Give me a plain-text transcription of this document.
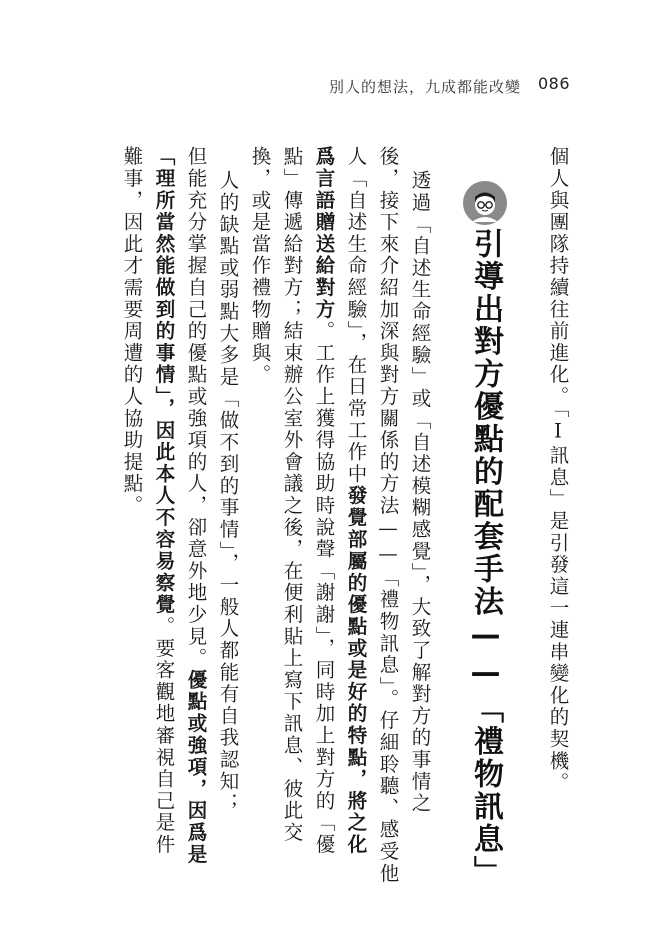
別人的想法，九成都能改變 086
個人與團隊持續往前進化。「I訊息」是引發這一連串變化的契機。
引導出對方優點的配套手法——「禮物訊息」
透過「自述生命經驗」或「自述模糊感覺」，大致了解對方的事情之
後，接下來介紹加深與對方關係的方法——「禮物訊息」。仔細聆聽、感受他
人「自述生命經驗」，在日常工作中發覺部屬的優點或是好的特點，將之化
爲言語贈送給對方。工作上獲得協助時說聲「謝謝」，同時加上對方的「優
點」傳遞給對方；結束辦公室外會議之後，在便利貼上寫下訊息、彼此交
換，或是當作禮物贈與。
人的缺點或弱點大多是「做不到的事情」，一般人都能有自我認知；
但能充分掌握自己的優點或強項的人，卻意外地少見。優點或強項，因爲是
「理所當然能做到的事情」，因此本人不容易察覺。要客觀地審視自己是件
難事，因此才需要周遭的人協助提點。
